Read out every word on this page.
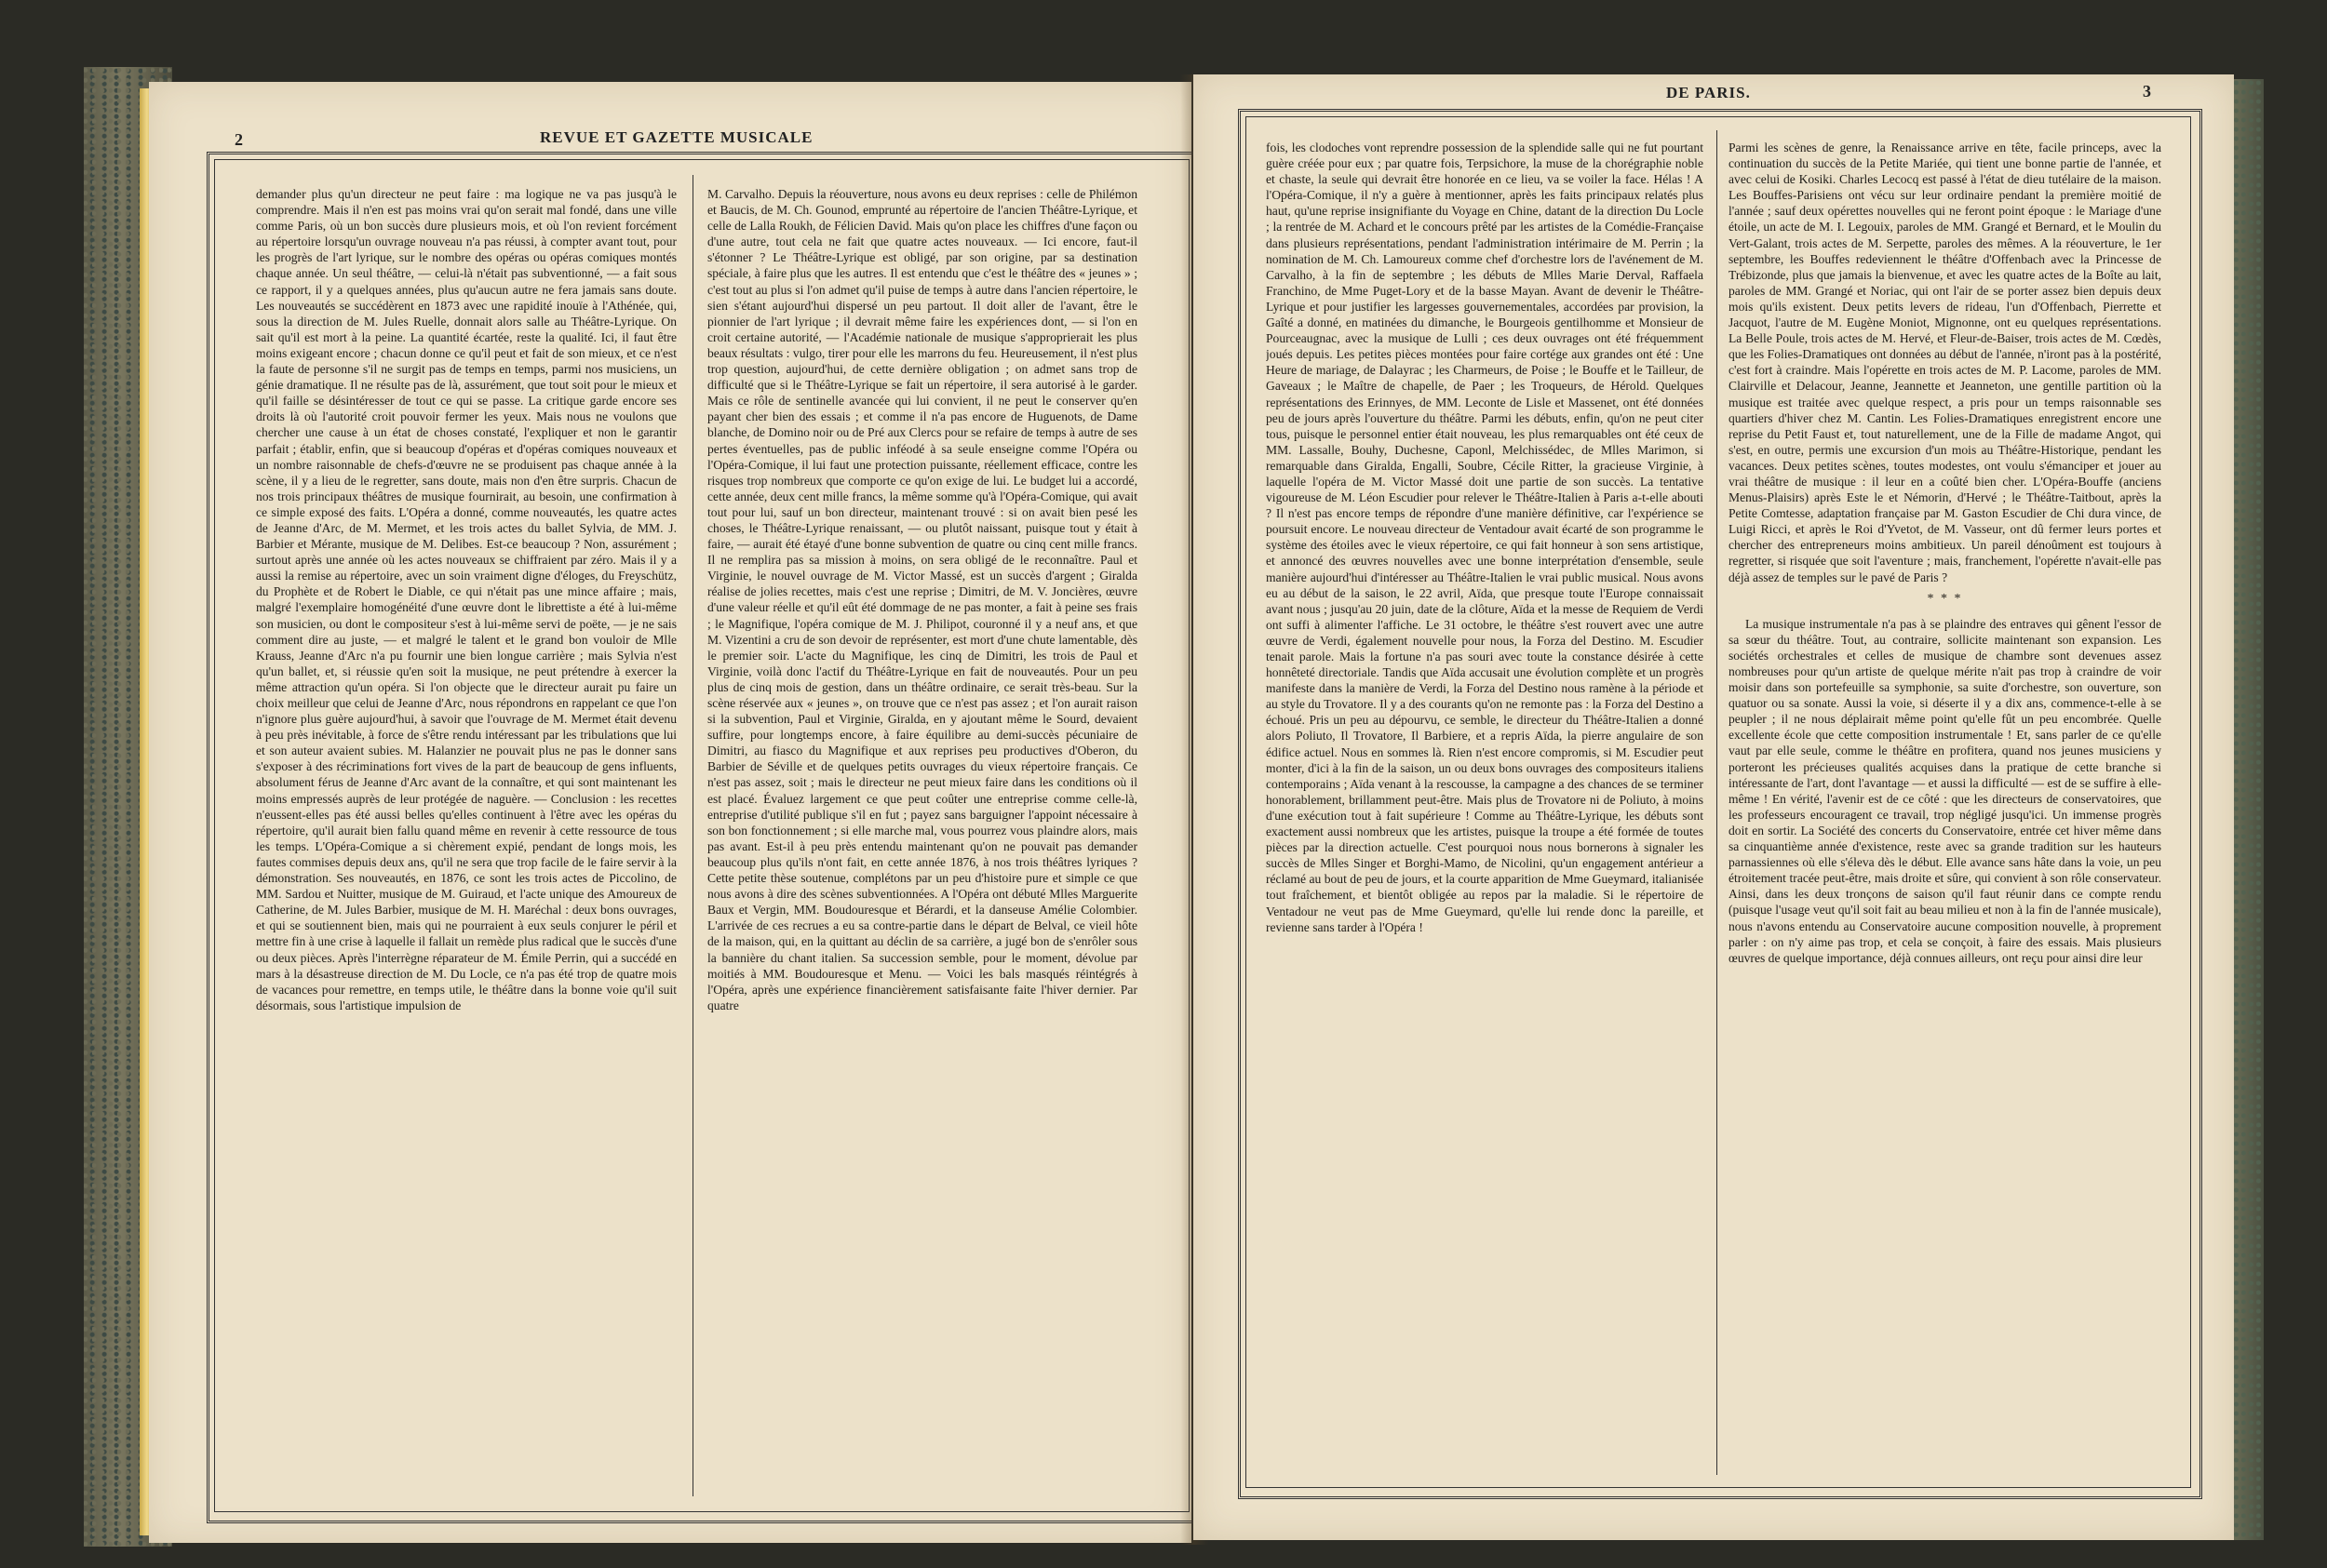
2	REVUE ET GAZETTE MUSICALE

demander plus qu'un directeur ne peut faire : ma logique ne va pas jusqu'à le comprendre. Mais il n'en est pas moins vrai qu'on serait mal fondé, dans une ville comme Paris, où un bon succès dure plusieurs mois, et où l'on revient forcément au répertoire lorsqu'un ouvrage nouveau n'a pas réussi, à compter avant tout, pour les progrès de l'art lyrique, sur le nombre des opéras ou opéras comiques montés chaque année. Un seul théâtre, — celui-là n'était pas subventionné, — a fait sous ce rapport, il y a quelques années, plus qu'aucun autre ne fera jamais sans doute. Les nouveautés se succédèrent en 1873 avec une rapidité inouïe à l'Athénée, qui, sous la direction de M. Jules Ruelle, donnait alors salle au Théâtre-Lyrique. On sait qu'il est mort à la peine. La quantité écartée, reste la qualité. Ici, il faut être moins exigeant encore ; chacun donne ce qu'il peut et fait de son mieux, et ce n'est la faute de personne s'il ne surgit pas de temps en temps, parmi nos musiciens, un génie dramatique. Il ne résulte pas de là, assurément, que tout soit pour le mieux et qu'il faille se désintéresser de tout ce qui se passe. La critique garde encore ses droits là où l'autorité croit pouvoir fermer les yeux. Mais nous ne voulons que chercher une cause à un état de choses constaté, l'expliquer et non le garantir parfait ; établir, enfin, que si beaucoup d'opéras et d'opéras comiques nouveaux et un nombre raisonnable de chefs-d'œuvre ne se produisent pas chaque année à la scène, il y a lieu de le regretter, sans doute, mais non d'en être surpris. Chacun de nos trois principaux théâtres de musique fournirait, au besoin, une confirmation à ce simple exposé des faits. L'Opéra a donné, comme nouveautés, les quatre actes de Jeanne d'Arc, de M. Mermet, et les trois actes du ballet Sylvia, de MM. J. Barbier et Mérante, musique de M. Delibes. Est-ce beaucoup ? Non, assurément ; surtout après une année où les actes nouveaux se chiffraient par zéro. Mais il y a aussi la remise au répertoire, avec un soin vraiment digne d'éloges, du Freyschütz, du Prophète et de Robert le Diable, ce qui n'était pas une mince affaire ; mais, malgré l'exemplaire homogénéité d'une œuvre dont le librettiste a été à lui-même son musicien, ou dont le compositeur s'est à lui-même servi de poëte, — je ne sais comment dire au juste, — et malgré le talent et le grand bon vouloir de Mlle Krauss, Jeanne d'Arc n'a pu fournir une bien longue carrière ; mais Sylvia n'est qu'un ballet, et, si réussie qu'en soit la musique, ne peut prétendre à exercer la même attraction qu'un opéra. Si l'on objecte que le directeur aurait pu faire un choix meilleur que celui de Jeanne d'Arc, nous répondrons en rappelant ce que l'on n'ignore plus guère aujourd'hui, à savoir que l'ouvrage de M. Mermet était devenu à peu près inévitable, à force de s'être rendu intéressant par les tribulations que lui et son auteur avaient subies. M. Halanzier ne pouvait plus ne pas le donner sans s'exposer à des récriminations fort vives de la part de beaucoup de gens influents, absolument férus de Jeanne d'Arc avant de la connaître, et qui sont maintenant les moins empressés auprès de leur protégée de naguère. — Conclusion : les recettes n'eussent-elles pas été aussi belles qu'elles continuent à l'être avec les opéras du répertoire, qu'il aurait bien fallu quand même en revenir à cette ressource de tous les temps. L'Opéra-Comique a si chèrement expié, pendant de longs mois, les fautes commises depuis deux ans, qu'il ne sera que trop facile de le faire servir à la démonstration. Ses nouveautés, en 1876, ce sont les trois actes de Piccolino, de MM. Sardou et Nuitter, musique de M. Guiraud, et l'acte unique des Amoureux de Catherine, de M. Jules Barbier, musique de M. H. Maréchal : deux bons ouvrages, et qui se soutiennent bien, mais qui ne pourraient à eux seuls conjurer le péril et mettre fin à une crise à laquelle il fallait un remède plus radical que le succès d'une ou deux pièces. Après l'interrègne réparateur de M. Émile Perrin, qui a succédé en mars à la désastreuse direction de M. Du Locle, ce n'a pas été trop de quatre mois de vacances pour remettre, en temps utile, le théâtre dans la bonne voie qu'il suit désormais, sous l'artistique impulsion de

M. Carvalho. Depuis la réouverture, nous avons eu deux reprises : celle de Philémon et Baucis, de M. Ch. Gounod, emprunté au répertoire de l'ancien Théâtre-Lyrique, et celle de Lalla Roukh, de Félicien David. Mais qu'on place les chiffres d'une façon ou d'une autre, tout cela ne fait que quatre actes nouveaux. — Ici encore, faut-il s'étonner ? Le Théâtre-Lyrique est obligé, par son origine, par sa destination spéciale, à faire plus que les autres. Il est entendu que c'est le théâtre des « jeunes » ; c'est tout au plus si l'on admet qu'il puise de temps à autre dans l'ancien répertoire, le sien s'étant aujourd'hui dispersé un peu partout. Il doit aller de l'avant, être le pionnier de l'art lyrique ; il devrait même faire les expériences dont, — si l'on en croit certaine autorité, — l'Académie nationale de musique s'approprierait les plus beaux résultats : vulgo, tirer pour elle les marrons du feu. Heureusement, il n'est plus trop question, aujourd'hui, de cette dernière obligation ; on admet sans trop de difficulté que si le Théâtre-Lyrique se fait un répertoire, il sera autorisé à le garder. Mais ce rôle de sentinelle avancée qui lui convient, il ne peut le conserver qu'en payant cher bien des essais ; et comme il n'a pas encore de Huguenots, de Dame blanche, de Domino noir ou de Pré aux Clercs pour se refaire de temps à autre de ses pertes éventuelles, pas de public inféodé à sa seule enseigne comme l'Opéra ou l'Opéra-Comique, il lui faut une protection puissante, réellement efficace, contre les risques trop nombreux que comporte ce qu'on exige de lui. Le budget lui a accordé, cette année, deux cent mille francs, la même somme qu'à l'Opéra-Comique, qui avait tout pour lui, sauf un bon directeur, maintenant trouvé : si on avait bien pesé les choses, le Théâtre-Lyrique renaissant, — ou plutôt naissant, puisque tout y était à faire, — aurait été étayé d'une bonne subvention de quatre ou cinq cent mille francs. Il ne remplira pas sa mission à moins, on sera obligé de le reconnaître. Paul et Virginie, le nouvel ouvrage de M. Victor Massé, est un succès d'argent ; Giralda réalise de jolies recettes, mais c'est une reprise ; Dimitri, de M. V. Joncières, œuvre d'une valeur réelle et qu'il eût été dommage de ne pas monter, a fait à peine ses frais ; le Magnifique, l'opéra comique de M. J. Philipot, couronné il y a neuf ans, et que M. Vizentini a cru de son devoir de représenter, est mort d'une chute lamentable, dès le premier soir. L'acte du Magnifique, les cinq de Dimitri, les trois de Paul et Virginie, voilà donc l'actif du Théâtre-Lyrique en fait de nouveautés. Pour un peu plus de cinq mois de gestion, dans un théâtre ordinaire, ce serait très-beau. Sur la scène réservée aux « jeunes », on trouve que ce n'est pas assez ; et l'on aurait raison si la subvention, Paul et Virginie, Giralda, en y ajoutant même le Sourd, devaient suffire, pour longtemps encore, à faire équilibre au demi-succès pécuniaire de Dimitri, au fiasco du Magnifique et aux reprises peu productives d'Oberon, du Barbier de Séville et de quelques petits ouvrages du vieux répertoire français. Ce n'est pas assez, soit ; mais le directeur ne peut mieux faire dans les conditions où il est placé. Évaluez largement ce que peut coûter une entreprise comme celle-là, entreprise d'utilité publique s'il en fut ; payez sans barguigner l'appoint nécessaire à son bon fonctionnement ; si elle marche mal, vous pourrez vous plaindre alors, mais pas avant. Est-il à peu près entendu maintenant qu'on ne pouvait pas demander beaucoup plus qu'ils n'ont fait, en cette année 1876, à nos trois théâtres lyriques ? Cette petite thèse soutenue, complétons par un peu d'histoire pure et simple ce que nous avons à dire des scènes subventionnées. A l'Opéra ont débuté Mlles Marguerite Baux et Vergin, MM. Boudouresque et Bérardi, et la danseuse Amélie Colombier. L'arrivée de ces recrues a eu sa contre-partie dans le départ de Belval, ce vieil hôte de la maison, qui, en la quittant au déclin de sa carrière, a jugé bon de s'enrôler sous la bannière du chant italien. Sa succession semble, pour le moment, dévolue par moitiés à MM. Boudouresque et Menu. — Voici les bals masqués réintégrés à l'Opéra, après une expérience financièrement satisfaisante faite l'hiver dernier. Par quatre

DE PARIS.	3

fois, les clodoches vont reprendre possession de la splendide salle qui ne fut pourtant guère créée pour eux ; par quatre fois, Terpsichore, la muse de la chorégraphie noble et chaste, la seule qui devrait être honorée en ce lieu, va se voiler la face. Hélas ! A l'Opéra-Comique, il n'y a guère à mentionner, après les faits principaux relatés plus haut, qu'une reprise insignifiante du Voyage en Chine, datant de la direction Du Locle ; la rentrée de M. Achard et le concours prêté par les artistes de la Comédie-Française dans plusieurs représentations, pendant l'administration intérimaire de M. Perrin ; la nomination de M. Ch. Lamoureux comme chef d'orchestre lors de l'avénement de M. Carvalho, à la fin de septembre ; les débuts de Mlles Marie Derval, Raffaela Franchino, de Mme Puget-Lory et de la basse Mayan. Avant de devenir le Théâtre-Lyrique et pour justifier les largesses gouvernementales, accordées par provision, la Gaîté a donné, en matinées du dimanche, le Bourgeois gentilhomme et Monsieur de Pourceaugnac, avec la musique de Lulli ; ces deux ouvrages ont été fréquemment joués depuis. Les petites pièces montées pour faire cortége aux grandes ont été : Une Heure de mariage, de Dalayrac ; les Charmeurs, de Poise ; le Bouffe et le Tailleur, de Gaveaux ; le Maître de chapelle, de Paer ; les Troqueurs, de Hérold. Quelques représentations des Erinnyes, de MM. Leconte de Lisle et Massenet, ont été données peu de jours après l'ouverture du théâtre. Parmi les débuts, enfin, qu'on ne peut citer tous, puisque le personnel entier était nouveau, les plus remarquables ont été ceux de MM. Lassalle, Bouhy, Duchesne, Caponl, Melchissédec, de Mlles Marimon, si remarquable dans Giralda, Engalli, Soubre, Cécile Ritter, la gracieuse Virginie, à laquelle l'opéra de M. Victor Massé doit une partie de son succès. La tentative vigoureuse de M. Léon Escudier pour relever le Théâtre-Italien à Paris a-t-elle abouti ? Il n'est pas encore temps de répondre d'une manière définitive, car l'expérience se poursuit encore. Le nouveau directeur de Ventadour avait écarté de son programme le système des étoiles avec le vieux répertoire, ce qui fait honneur à son sens artistique, et annoncé des œuvres nouvelles avec une bonne interprétation d'ensemble, seule manière aujourd'hui d'intéresser au Théâtre-Italien le vrai public musical. Nous avons eu au début de la saison, le 22 avril, Aïda, que presque toute l'Europe connaissait avant nous ; jusqu'au 20 juin, date de la clôture, Aïda et la messe de Requiem de Verdi ont suffi à alimenter l'affiche. Le 31 octobre, le théâtre s'est rouvert avec une autre œuvre de Verdi, également nouvelle pour nous, la Forza del Destino. M. Escudier tenait parole. Mais la fortune n'a pas souri avec toute la constance désirée à cette honnêteté directoriale. Tandis que Aïda accusait une évolution complète et un progrès manifeste dans la manière de Verdi, la Forza del Destino nous ramène à la période et au style du Trovatore. Il y a des courants qu'on ne remonte pas : la Forza del Destino a échoué. Pris un peu au dépourvu, ce semble, le directeur du Théâtre-Italien a donné alors Poliuto, Il Trovatore, Il Barbiere, et a repris Aïda, la pierre angulaire de son édifice actuel. Nous en sommes là. Rien n'est encore compromis, si M. Escudier peut monter, d'ici à la fin de la saison, un ou deux bons ouvrages des compositeurs italiens contemporains ; Aïda venant à la rescousse, la campagne a des chances de se terminer honorablement, brillamment peut-être. Mais plus de Trovatore ni de Poliuto, à moins d'une exécution tout à fait supérieure ! Comme au Théâtre-Lyrique, les débuts sont exactement aussi nombreux que les artistes, puisque la troupe a été formée de toutes pièces par la direction actuelle. C'est pourquoi nous nous bornerons à signaler les succès de Mlles Singer et Borghi-Mamo, de Nicolini, qu'un engagement antérieur a réclamé au bout de peu de jours, et la courte apparition de Mme Gueymard, italianisée tout fraîchement, et bientôt obligée au repos par la maladie. Si le répertoire de Ventadour ne veut pas de Mme Gueymard, qu'elle lui rende donc la pareille, et revienne sans tarder à l'Opéra !

Parmi les scènes de genre, la Renaissance arrive en tête, facile princeps, avec la continuation du succès de la Petite Mariée, qui tient une bonne partie de l'année, et avec celui de Kosiki. Charles Lecocq est passé à l'état de dieu tutélaire de la maison. Les Bouffes-Parisiens ont vécu sur leur ordinaire pendant la première moitié de l'année ; sauf deux opérettes nouvelles qui ne feront point époque : le Mariage d'une étoile, un acte de M. I. Legouix, paroles de MM. Grangé et Bernard, et le Moulin du Vert-Galant, trois actes de M. Serpette, paroles des mêmes. A la réouverture, le 1er septembre, les Bouffes redeviennent le théâtre d'Offenbach avec la Princesse de Trébizonde, plus que jamais la bienvenue, et avec les quatre actes de la Boîte au lait, paroles de MM. Grangé et Noriac, qui ont l'air de se porter assez bien depuis deux mois qu'ils existent. Deux petits levers de rideau, l'un d'Offenbach, Pierrette et Jacquot, l'autre de M. Eugène Moniot, Mignonne, ont eu quelques représentations. La Belle Poule, trois actes de M. Hervé, et Fleur-de-Baiser, trois actes de M. Cœdès, que les Folies-Dramatiques ont données au début de l'année, n'iront pas à la postérité, c'est fort à craindre. Mais l'opérette en trois actes de M. P. Lacome, paroles de MM. Clairville et Delacour, Jeanne, Jeannette et Jeanneton, une gentille partition où la musique est traitée avec quelque respect, a pris pour un temps raisonnable ses quartiers d'hiver chez M. Cantin. Les Folies-Dramatiques enregistrent encore une reprise du Petit Faust et, tout naturellement, une de la Fille de madame Angot, qui s'est, en outre, permis une excursion d'un mois au Théâtre-Historique, pendant les vacances. Deux petites scènes, toutes modestes, ont voulu s'émanciper et jouer au vrai théâtre de musique : il leur en a coûté bien cher. L'Opéra-Bouffe (anciens Menus-Plaisirs) après Este le et Némorin, d'Hervé ; le Théâtre-Taitbout, après la Petite Comtesse, adaptation française par M. Gaston Escudier de Chi dura vince, de Luigi Ricci, et après le Roi d'Yvetot, de M. Vasseur, ont dû fermer leurs portes et chercher des entrepreneurs moins ambitieux. Un pareil dénoûment est toujours à regretter, si risquée que soit l'aventure ; mais, franchement, l'opérette n'avait-elle pas déjà assez de temples sur le pavé de Paris ?

* * *

La musique instrumentale n'a pas à se plaindre des entraves qui gênent l'essor de sa sœur du théâtre. Tout, au contraire, sollicite maintenant son expansion. Les sociétés orchestrales et celles de musique de chambre sont devenues assez nombreuses pour qu'un artiste de quelque mérite n'ait pas trop à craindre de voir moisir dans son portefeuille sa symphonie, sa suite d'orchestre, son ouverture, son quatuor ou sa sonate. Aussi la voie, si déserte il y a dix ans, commence-t-elle à se peupler ; il ne nous déplairait même point qu'elle fût un peu encombrée. Quelle excellente école que cette composition instrumentale ! Et, sans parler de ce qu'elle vaut par elle seule, comme le théâtre en profitera, quand nos jeunes musiciens y porteront les précieuses qualités acquises dans la pratique de cette branche si intéressante de l'art, dont l'avantage — et aussi la difficulté — est de se suffire à elle-même ! En vérité, l'avenir est de ce côté : que les directeurs de conservatoires, que les professeurs encouragent ce travail, trop négligé jusqu'ici. Un immense progrès doit en sortir. La Société des concerts du Conservatoire, entrée cet hiver même dans sa cinquantième année d'existence, reste avec sa grande tradition sur les hauteurs parnassiennes où elle s'éleva dès le début. Elle avance sans hâte dans la voie, un peu étroitement tracée peut-être, mais droite et sûre, qui convient à son rôle conservateur. Ainsi, dans les deux tronçons de saison qu'il faut réunir dans ce compte rendu (puisque l'usage veut qu'il soit fait au beau milieu et non à la fin de l'année musicale), nous n'avons entendu au Conservatoire aucune composition nouvelle, à proprement parler : on n'y aime pas trop, et cela se conçoit, à faire des essais. Mais plusieurs œuvres de quelque importance, déjà connues ailleurs, ont reçu pour ainsi dire leur
